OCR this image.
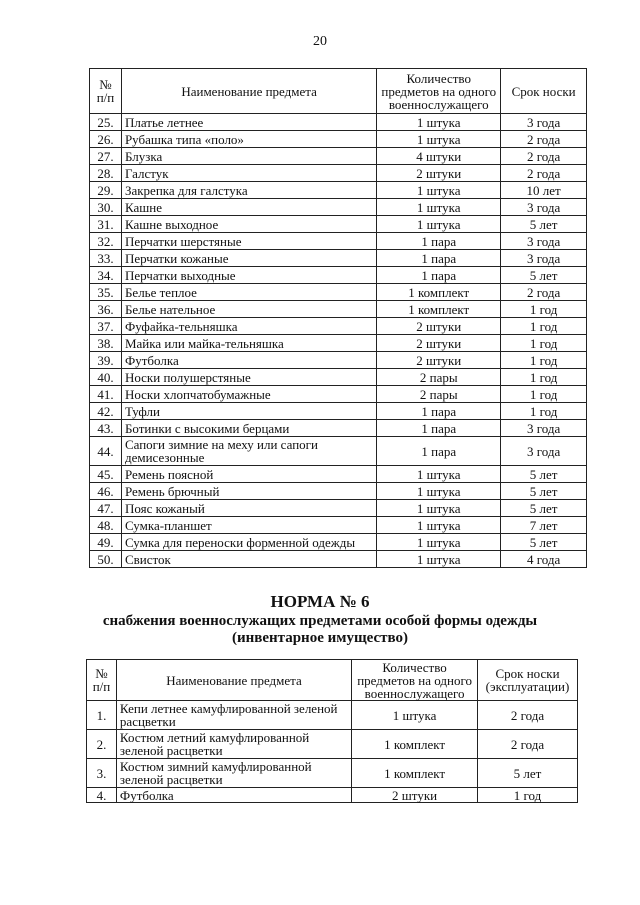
20
№ п/п	Наименование предмета	Количество предметов на одного военнослужащего	Срок носки
25.	Платье летнее	1 штука	3 года
26.	Рубашка типа «поло»	1 штука	2 года
27.	Блузка	4 штуки	2 года
28.	Галстук	2 штуки	2 года
29.	Закрепка для галстука	1 штука	10 лет
30.	Кашне	1 штука	3 года
31.	Кашне выходное	1 штука	5 лет
32.	Перчатки шерстяные	1 пара	3 года
33.	Перчатки кожаные	1 пара	3 года
34.	Перчатки выходные	1 пара	5 лет
35.	Белье теплое	1 комплект	2 года
36.	Белье нательное	1 комплект	1 год
37.	Фуфайка-тельняшка	2 штуки	1 год
38.	Майка или майка-тельняшка	2 штуки	1 год
39.	Футболка	2 штуки	1 год
40.	Носки полушерстяные	2 пары	1 год
41.	Носки хлопчатобумажные	2 пары	1 год
42.	Туфли	1 пара	1 год
43.	Ботинки с высокими берцами	1 пара	3 года
44.	Сапоги зимние на меху или сапоги демисезонные	1 пара	3 года
45.	Ремень поясной	1 штука	5 лет
46.	Ремень брючный	1 штука	5 лет
47.	Пояс кожаный	1 штука	5 лет
48.	Сумка-планшет	1 штука	7 лет
49.	Сумка для переноски форменной одежды	1 штука	5 лет
50.	Свисток	1 штука	4 года
НОРМА № 6
снабжения военнослужащих предметами особой формы одежды
(инвентарное имущество)
№ п/п	Наименование предмета	Количество предметов на одного военнослужащего	Срок носки (эксплуатации)
1.	Кепи летнее камуфлированной зеленой расцветки	1 штука	2 года
2.	Костюм летний камуфлированной зеленой расцветки	1 комплект	2 года
3.	Костюм зимний камуфлированной зеленой расцветки	1 комплект	5 лет
4.	Футболка	2 штуки	1 год
